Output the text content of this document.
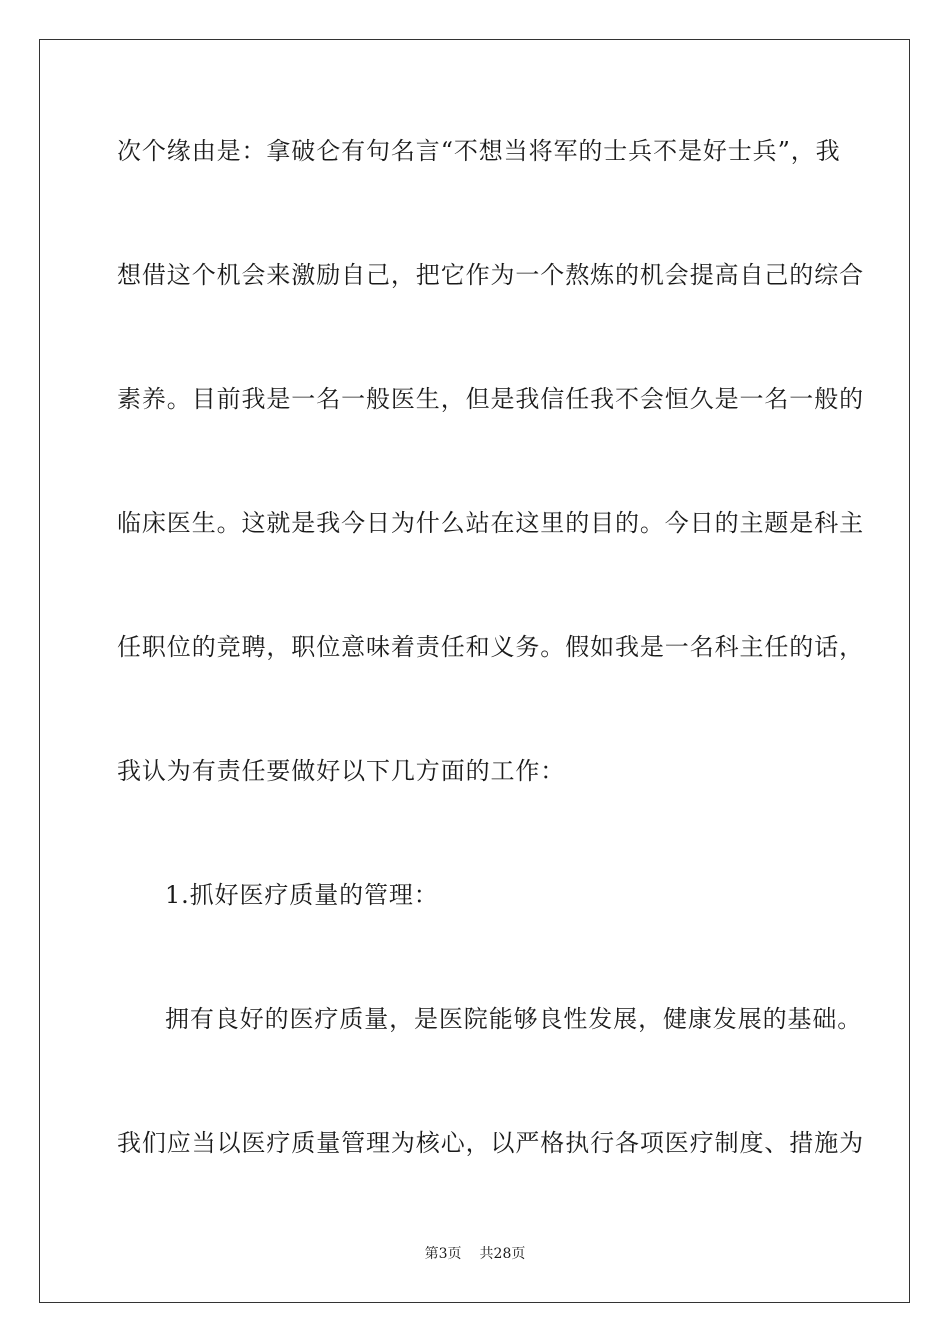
次个缘由是：拿破仑有句名言“不想当将军的士兵不是好士兵”，我
想借这个机会来激励自己，把它作为一个熬炼的机会提高自己的综合
素养。目前我是一名一般医生，但是我信任我不会恒久是一名一般的
临床医生。这就是我今日为什么站在这里的目的。今日的主题是科主
任职位的竞聘，职位意味着责任和义务。假如我是一名科主任的话，
我认为有责任要做好以下几方面的工作：
1.抓好医疗质量的管理：
拥有良好的医疗质量，是医院能够良性发展，健康发展的基础。
我们应当以医疗质量管理为核心，以严格执行各项医疗制度、措施为
第3页 共28页
